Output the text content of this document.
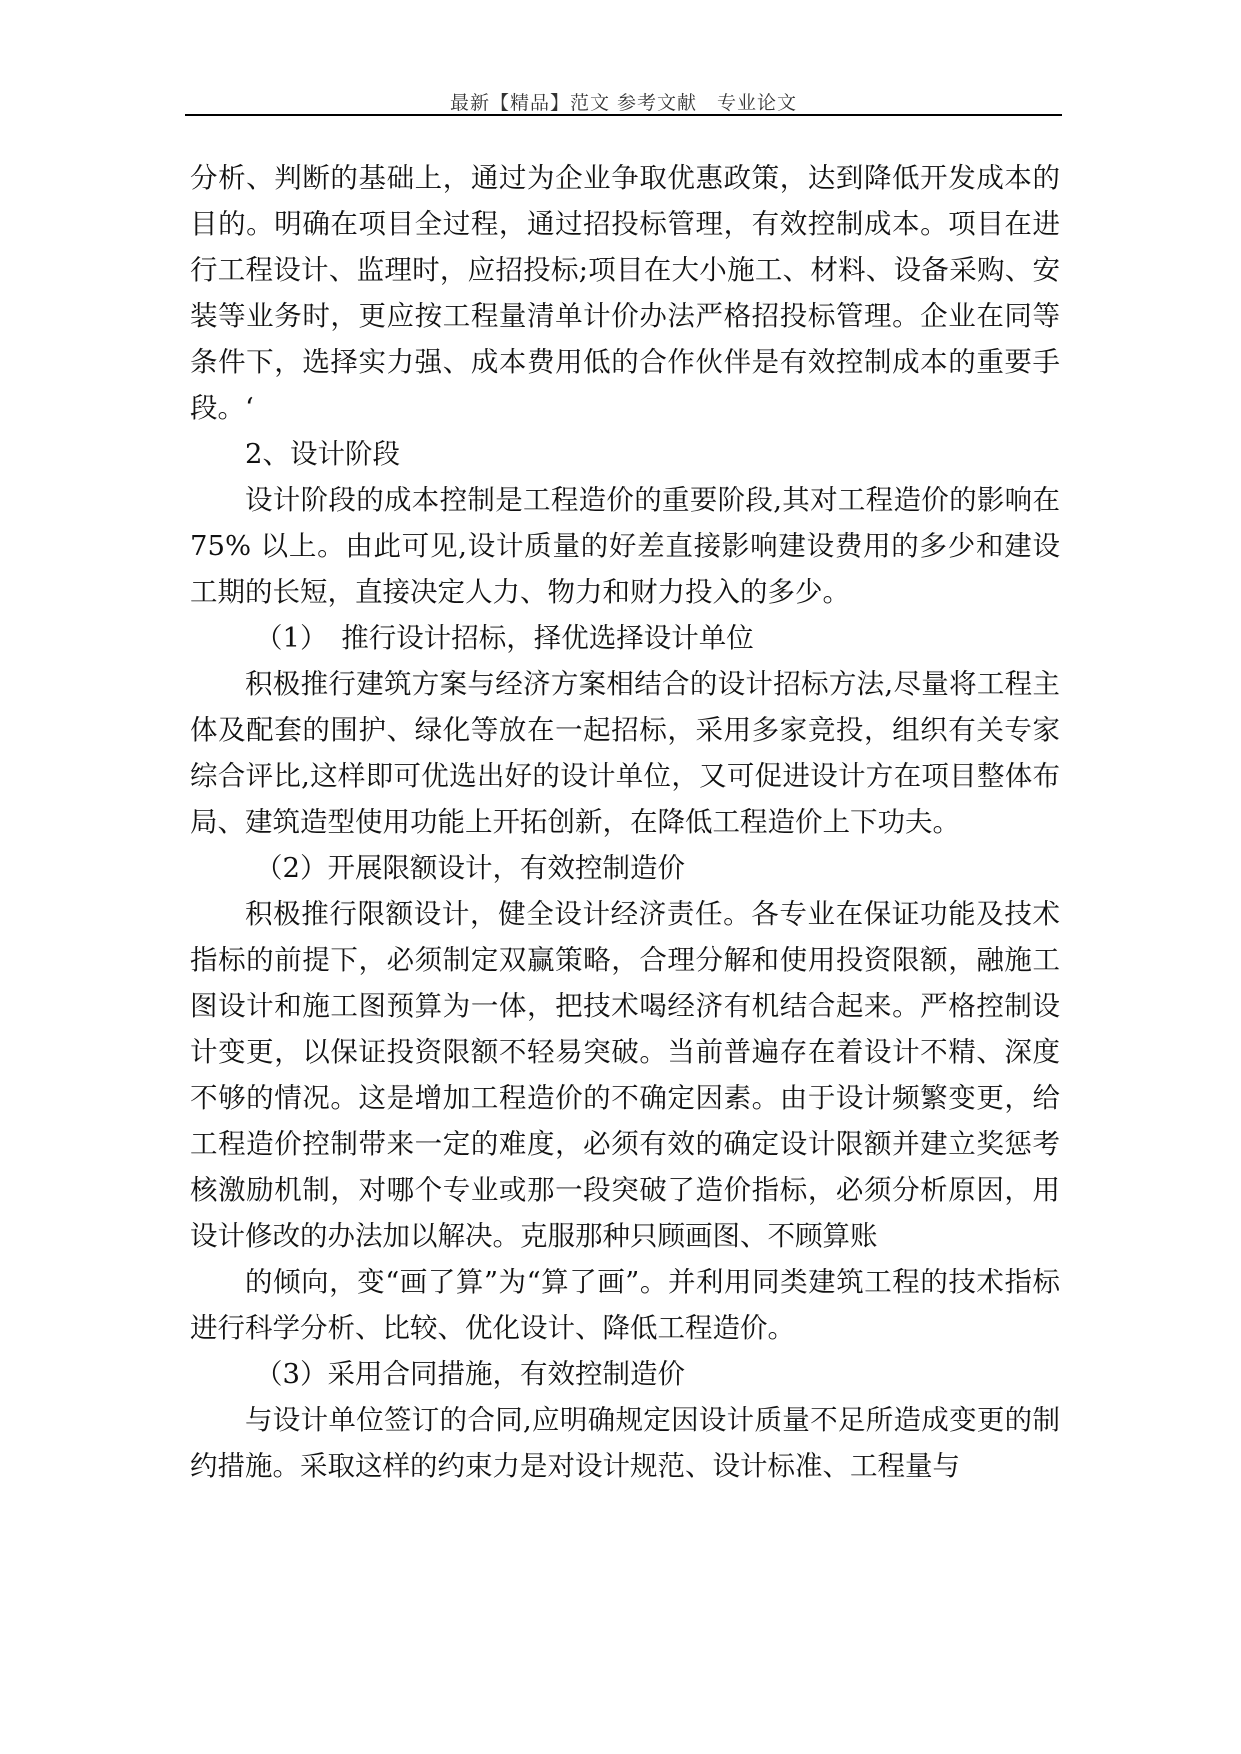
最新【精品】范文 参考文献　专业论文

分析、判断的基础上，通过为企业争取优惠政策，达到降低开发成本的目的。明确在项目全过程，通过招投标管理，有效控制成本。项目在进行工程设计、监理时，应招投标;项目在大小施工、材料、设备采购、安装等业务时，更应按工程量清单计价办法严格招投标管理。企业在同等条件下，选择实力强、成本费用低的合作伙伴是有效控制成本的重要手段。‘

2、设计阶段

设计阶段的成本控制是工程造价的重要阶段,其对工程造价的影响在 75% 以上。由此可见,设计质量的好差直接影响建设费用的多少和建设工期的长短，直接决定人力、物力和财力投入的多少。

（1）　推行设计招标，择优选择设计单位

积极推行建筑方案与经济方案相结合的设计招标方法,尽量将工程主体及配套的围护、绿化等放在一起招标，采用多家竞投，组织有关专家综合评比,这样即可优选出好的设计单位，又可促进设计方在项目整体布局、建筑造型使用功能上开拓创新，在降低工程造价上下功夫。

（2）开展限额设计，有效控制造价

积极推行限额设计，健全设计经济责任。各专业在保证功能及技术指标的前提下，必须制定双赢策略，合理分解和使用投资限额，融施工图设计和施工图预算为一体，把技术喝经济有机结合起来。严格控制设计变更，以保证投资限额不轻易突破。当前普遍存在着设计不精、深度不够的情况。这是增加工程造价的不确定因素。由于设计频繁变更，给工程造价控制带来一定的难度，必须有效的确定设计限额并建立奖惩考核激励机制，对哪个专业或那一段突破了造价指标，必须分析原因，用设计修改的办法加以解决。克服那种只顾画图、不顾算账

的倾向，变“画了算”为“算了画”。并利用同类建筑工程的技术指标进行科学分析、比较、优化设计、降低工程造价。

（3）采用合同措施，有效控制造价

与设计单位签订的合同,应明确规定因设计质量不足所造成变更的制约措施。采取这样的约束力是对设计规范、设计标准、工程量与
